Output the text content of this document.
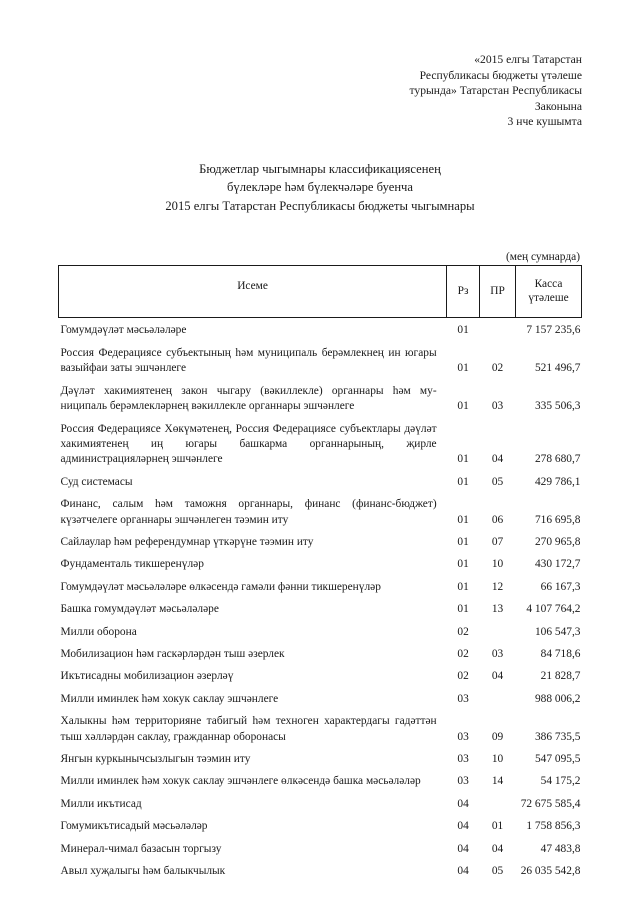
«2015 елгы Татарстан
Республикасы бюджеты үтәлеше
турында» Татарстан Республикасы
Законына
3 нче кушымта
Бюджетлар чыгымнары классификациясенең
бүлекләре һәм бүлекчәләре буенча
2015 елгы Татарстан Республикасы бюджеты чыгымнары
(мең сумнарда)
Исеме	Рз	ПР	Касса
үтәлеше
Гомумдәүләт мәсьәләләре	01		7 157 235,6
Россия Федерациясе субъектының һәм муниципаль берәмлекнең ин югары вазыйфаи заты эшчәнлеге	01	02	521 496,7
Дәүләт хакимиятенең закон чыгару (вәкиллекле) органнары һәм му-ниципаль берәмлекләрнең вәкиллекле органнары эшчәнлеге	01	03	335 506,3
Россия Федерациясе Хөкүмәтенең, Россия Федерациясе субъектлары дәүләт хакимиятенең иң югары башкарма органнарының, җирле администрацияләрнең эшчәнлеге	01	04	278 680,7
Суд системасы	01	05	429 786,1
Финанс, салым һәм таможня органнары, финанс (финанс-бюджет) күзәтчелеге органнары эшчәнлеген тәэмин иту	01	06	716 695,8
Сайлаулар һәм референдумнар үткәрүне тәэмин иту	01	07	270 965,8
Фундаменталь тикшеренүләр	01	10	430 172,7
Гомумдәүләт мәсьәләләре өлкәсендә гамәли фәнни тикшеренүләр	01	12	66 167,3
Башка гомумдәүләт мәсьәләләре	01	13	4 107 764,2
Милли оборона	02		106 547,3
Мобилизацион һәм гаскәрләрдән тыш әзерлек	02	03	84 718,6
Икътисадны мобилизацион әзерләү	02	04	21 828,7
Милли иминлек һәм хокук саклау эшчәнлеге	03		988 006,2
Халыкны һәм территорияне табигый һәм техноген характердагы гадәттән тыш хәлләрдән саклау, гражданнар оборонасы	03	09	386 735,5
Янгын куркынычсызлыгын тәэмин иту	03	10	547 095,5
Милли иминлек һәм хокук саклау эшчәнлеге өлкәсендә башка мәсьәләләр	03	14	54 175,2
Милли икътисад	04		72 675 585,4
Гомумикътисадый мәсьәләләр	04	01	1 758 856,3
Минерал-чимал базасын торгызу	04	04	47 483,8
Авыл хуҗалыгы һәм балыкчылык	04	05	26 035 542,8
